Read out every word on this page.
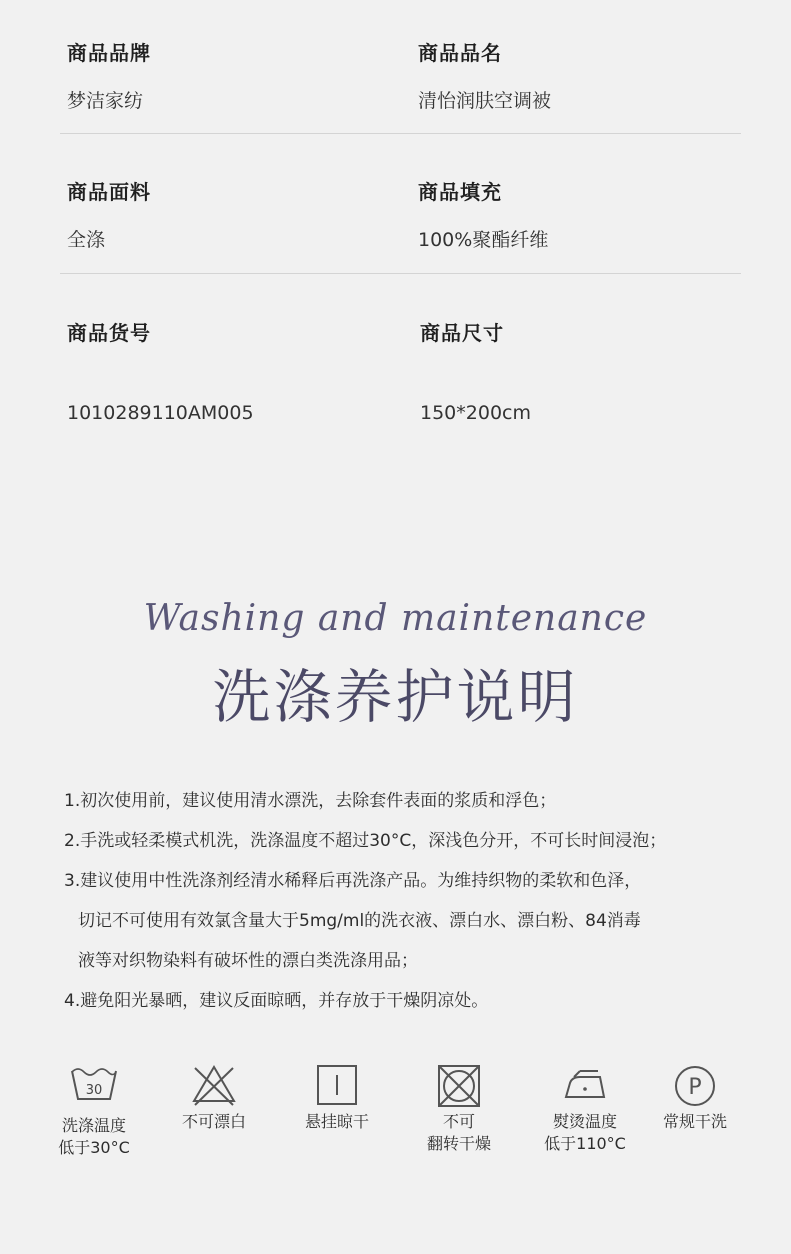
商品品牌
梦洁家纺
商品品名
清怡润肤空调被
商品面料
全涤
商品填充
100%聚酯纤维
商品货号
1010289110AM005
商品尺寸
150*200cm
Washing and maintenance
洗涤养护说明
1.初次使用前，建议使用清水漂洗，去除套件表面的浆质和浮色；
2.手洗或轻柔模式机洗，洗涤温度不超过30°C，深浅色分开，不可长时间浸泡；
3.建议使用中性洗涤剂经清水稀释后再洗涤产品。为维持织物的柔软和色泽，
切记不可使用有效氯含量大于5mg/ml的洗衣液、漂白水、漂白粉、84消毒
液等对织物染料有破坏性的漂白类洗涤用品；
4.避免阳光暴晒，建议反面晾晒，并存放于干燥阴凉处。
30
洗涤温度
低于30°C
不可漂白	悬挂晾干	不可
翻转干燥
熨烫温度
低于110°C
P
常规干洗
